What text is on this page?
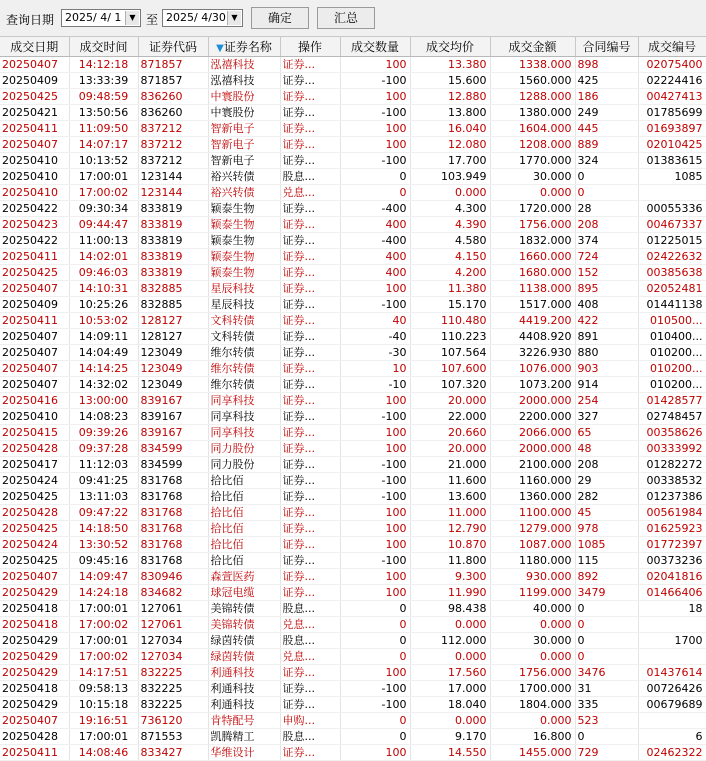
查询日期 2025/ 4/ 1	▼ 至 2025/ 4/30 ▼	确定	汇总
成交日期	成交时间	证券代码	▼证券名称	操作	成交数量	成交均价	成交金额	合同编号	成交编号
20250407	14:12:18	871857	泓禧科技	证券...	100	13.380	1338.000	898	02075400
20250409	13:33:39	871857	泓禧科技	证券...	-100	15.600	1560.000	425	02224416
20250425	09:48:59	836260	中寰股份	证券...	100	12.880	1288.000	186	00427413
20250421	13:50:56	836260	中寰股份	证券...	-100	13.800	1380.000	249	01785699
20250411	11:09:50	837212	智新电子	证券...	100	16.040	1604.000	445	01693897
20250407	14:07:17	837212	智新电子	证券...	100	12.080	1208.000	889	02010425
20250410	10:13:52	837212	智新电子	证券...	-100	17.700	1770.000	324	01383615
20250410	17:00:01	123144	裕兴转债	股息...	0	103.949	30.000	0	1085
20250410	17:00:02	123144	裕兴转债	兑息...	0	0.000	0.000	0	
20250422	09:30:34	833819	颖泰生物	证券...	-400	4.300	1720.000	28	00055336
20250423	09:44:47	833819	颖泰生物	证券...	400	4.390	1756.000	208	00467337
20250422	11:00:13	833819	颖泰生物	证券...	-400	4.580	1832.000	374	01225015
20250411	14:02:01	833819	颖泰生物	证券...	400	4.150	1660.000	724	02422632
20250425	09:46:03	833819	颖泰生物	证券...	400	4.200	1680.000	152	00385638
20250407	14:10:31	832885	星辰科技	证券...	100	11.380	1138.000	895	02052481
20250409	10:25:26	832885	星辰科技	证券...	-100	15.170	1517.000	408	01441138
20250411	10:53:02	128127	文科转债	证券...	40	110.480	4419.200	422	010500...
20250407	14:09:11	128127	文科转债	证券...	-40	110.223	4408.920	891	010400...
20250407	14:04:49	123049	维尔转债	证券...	-30	107.564	3226.930	880	010200...
20250407	14:14:25	123049	维尔转债	证券...	10	107.600	1076.000	903	010200...
20250407	14:32:02	123049	维尔转债	证券...	-10	107.320	1073.200	914	010200...
20250416	13:00:00	839167	同享科技	证券...	100	20.000	2000.000	254	01428577
20250410	14:08:23	839167	同享科技	证券...	-100	22.000	2200.000	327	02748457
20250415	09:39:26	839167	同享科技	证券...	100	20.660	2066.000	65	00358626
20250428	09:37:28	834599	同力股份	证券...	100	20.000	2000.000	48	00333992
20250417	11:12:03	834599	同力股份	证券...	-100	21.000	2100.000	208	01282272
20250424	09:41:25	831768	拾比佰	证券...	-100	11.600	1160.000	29	00338532
20250425	13:11:03	831768	拾比佰	证券...	-100	13.600	1360.000	282	01237386
20250428	09:47:22	831768	拾比佰	证券...	100	11.000	1100.000	45	00561984
20250425	14:18:50	831768	拾比佰	证券...	100	12.790	1279.000	978	01625923
20250424	13:30:52	831768	拾比佰	证券...	100	10.870	1087.000	1085	01772397
20250425	09:45:16	831768	拾比佰	证券...	-100	11.800	1180.000	115	00373236
20250407	14:09:47	830946	森萱医药	证券...	100	9.300	930.000	892	02041816
20250429	14:24:18	834682	球冠电缆	证券...	100	11.990	1199.000	3479	01466406
20250418	17:00:01	127061	美锦转债	股息...	0	98.438	40.000	0	18
20250418	17:00:02	127061	美锦转债	兑息...	0	0.000	0.000	0	
20250429	17:00:01	127034	绿茵转债	股息...	0	112.000	30.000	0	1700
20250429	17:00:02	127034	绿茵转债	兑息...	0	0.000	0.000	0	
20250429	14:17:51	832225	利通科技	证券...	100	17.560	1756.000	3476	01437614
20250418	09:58:13	832225	利通科技	证券...	-100	17.000	1700.000	31	00726426
20250429	10:15:18	832225	利通科技	证券...	-100	18.040	1804.000	335	00679689
20250407	19:16:51	736120	肯特配号	申购...	0	0.000	0.000	523	
20250428	17:00:01	871553	凯腾精工	股息...	0	9.170	16.800	0	6
20250411	14:08:46	833427	华维设计	证券...	100	14.550	1455.000	729	02462322
